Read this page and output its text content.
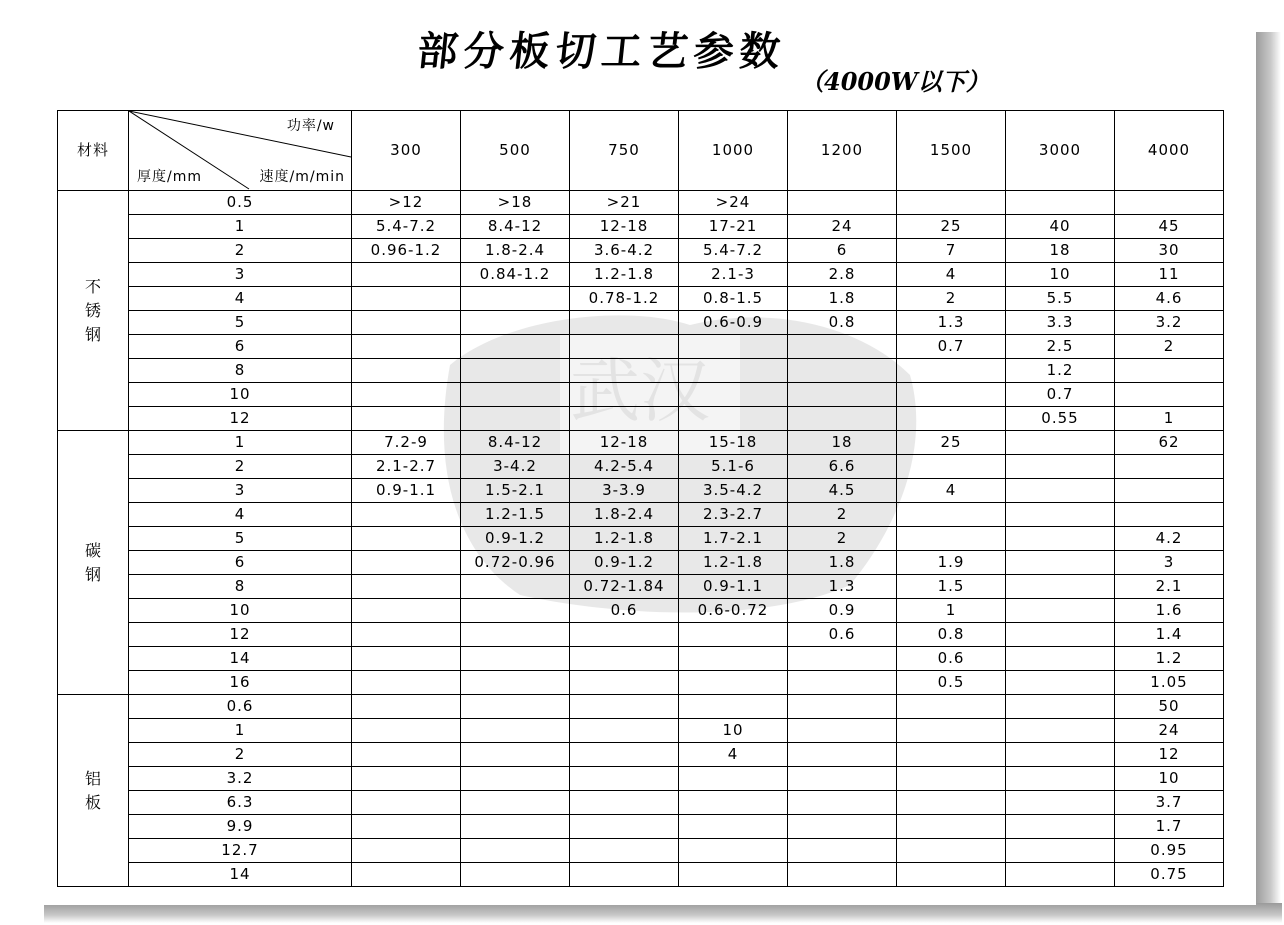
部分板切工艺参数
（4000W以下）
武汉
材料	功率/w
厚度/mm 速度/m/min	300	500	750	1000	1200	1500	3000	4000
不锈钢	0.5	>12	>18	>21	>24				
	1	5.4-7.2	8.4-12	12-18	17-21	24	25	40	45
	2	0.96-1.2	1.8-2.4	3.6-4.2	5.4-7.2	6	7	18	30
	3		0.84-1.2	1.2-1.8	2.1-3	2.8	4	10	11
	4			0.78-1.2	0.8-1.5	1.8	2	5.5	4.6
	5				0.6-0.9	0.8	1.3	3.3	3.2
	6						0.7	2.5	2
	8							1.2	
	10							0.7	
	12							0.55	1
碳钢	1	7.2-9	8.4-12	12-18	15-18	18	25		62
	2	2.1-2.7	3-4.2	4.2-5.4	5.1-6	6.6			
	3	0.9-1.1	1.5-2.1	3-3.9	3.5-4.2	4.5	4		
	4		1.2-1.5	1.8-2.4	2.3-2.7	2			
	5		0.9-1.2	1.2-1.8	1.7-2.1	2			4.2
	6		0.72-0.96	0.9-1.2	1.2-1.8	1.8	1.9		3
	8			0.72-1.84	0.9-1.1	1.3	1.5		2.1
	10			0.6	0.6-0.72	0.9	1		1.6
	12					0.6	0.8		1.4
	14						0.6		1.2
	16						0.5		1.05
铝板	0.6								50
	1				10				24
	2				4				12
	3.2								10
	6.3								3.7
	9.9								1.7
	12.7								0.95
	14								0.75
